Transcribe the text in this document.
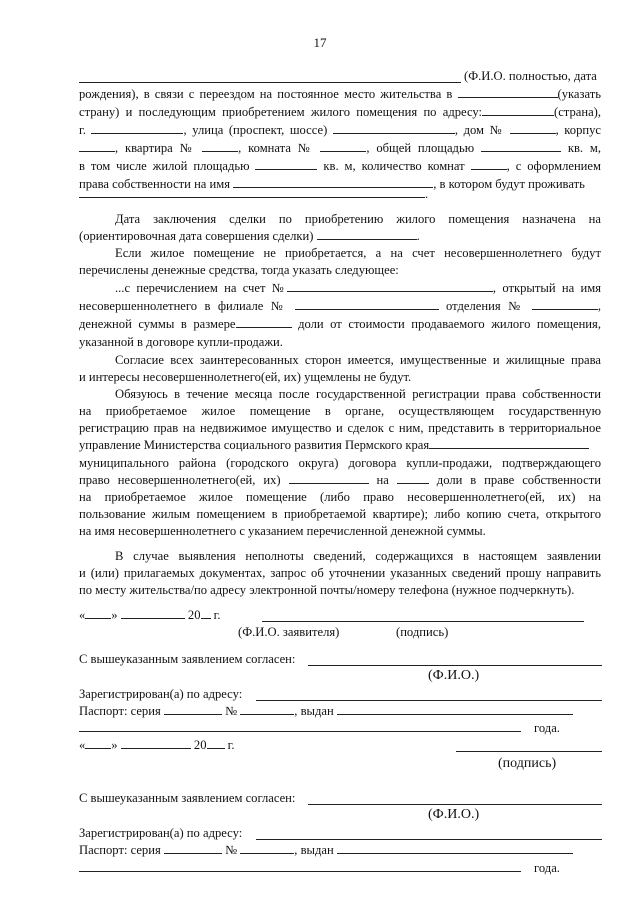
17
(Ф.И.О. полностью, дата
рождения), в связи с переездом на постоянное место жительства в	(указать
страну) и последующим приобретением жилого помещения по адресу:	(страна),
г.	, улица (проспект, шоссе)	, дом №	, корпус
, квартира №	, комната №	, общей площадью	кв. м,
в том числе жилой площадью	кв. м, количество комнат	, с оформлением
права собственности на имя	, в котором будут проживать
.
Дата заключения сделки по приобретению жилого помещения назначена на
(ориентировочная дата совершения сделки)	.
Если жилое помещение не приобретается, а на счет несовершеннолетнего будут
перечислены денежные средства, тогда указать следующее:
...с перечислением на счет №	, открытый на имя
несовершеннолетнего в филиале №	отделения №	,
денежной суммы в размере	доли от стоимости продаваемого жилого помещения,
указанной в договоре купли-продажи.
Согласие всех заинтересованных сторон имеется, имущественные и жилищные права
и интересы несовершеннолетнего(ей, их) ущемлены не будут.
Обязуюсь в течение месяца после государственной регистрации права собственности
на приобретаемое жилое помещение в органе, осуществляющем государственную
регистрацию прав на недвижимое имущество и сделок с ним, представить в территориальное
управление Министерства социального развития Пермского края
муниципального района (городского округа) договора купли-продажи, подтверждающего
право несовершеннолетнего(ей, их)	на	доли в праве собственности
на приобретаемое жилое помещение (либо право несовершеннолетнего(ей, их) на
пользование жилым помещением в приобретаемой квартире); либо копию счета, открытого
на имя несовершеннолетнего с указанием перечисленной денежной суммы.
В случае выявления неполноты сведений, содержащихся в настоящем заявлении
и (или) прилагаемых документах, запрос об уточнении указанных сведений прошу направить
по месту жительства/по адресу электронной почты/номеру телефона (нужное подчеркнуть).
« »	20 г.
(Ф.И.О. заявителя)	(подпись)
С вышеуказанным заявлением согласен:
(Ф.И.О.)
Зарегистрирован(а) по адресу:
Паспорт: серия	№	, выдан
года.
« »	20 г.
(подпись)
С вышеуказанным заявлением согласен:
(Ф.И.О.)
Зарегистрирован(а) по адресу:
Паспорт: серия	№	, выдан
года.
